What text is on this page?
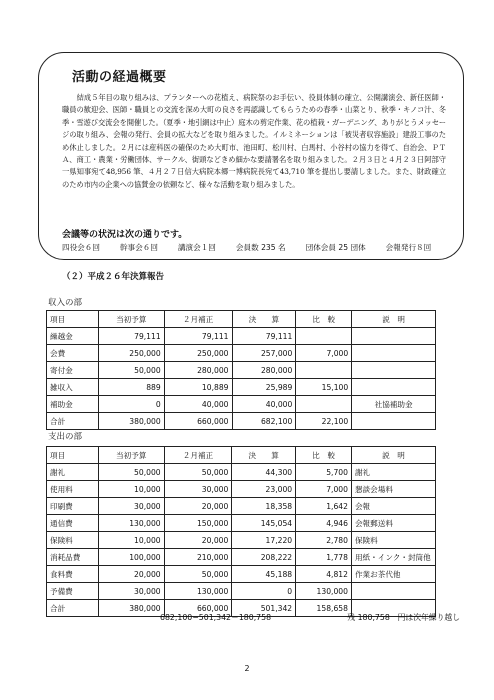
活動の経過概要

結成５年目の取り組みは、プランターへの花植え、病院祭のお手伝い、役員体制の確立、公開講演会、新任医師・職員の歓迎会、医師・職員との交流を深め大町の良さを再認識してもらうための春季・山菜とり、秋季・キノコ汁、冬季・雪遊び交流会を開催した。（夏季・地引網は中止）庭木の剪定作業、花の植栽・ガーデニング、ありがとうメッセージの取り組み、会報の発行、会員の拡大などを取り組みました。イルミネーションは「被災者収容施設」建設工事のため休止しました。２月には産科医の確保のため大町市、池田町、松川村、白馬村、小谷村の協力を得て、自治会、ＰＴＡ、商工・農業・労働団体、サークル、街頭などきめ細かな要請署名を取り組みました。２月３日と４月２３日阿部守一県知事宛て48,956 筆、４月２７日信大病院本郷一博病院長宛て43,710 筆を提出し要請しました。また、財政確立のため市内の企業への協賛金の依頼など、様々な活動を取り組みました。

会議等の状況は次の通りです。
四役会６回	幹事会６回	講演会１回	会員数 235 名	団体会員 25 団体	会報発行８回
（２）平成２６年決算報告
収入の部
項目	当初予算	２月補正	決　　算	比　較	説　明
繰越金	79,111	79,111	79,111		
会費	250,000	250,000	257,000	7,000	
寄付金	50,000	280,000	280,000		
雑収入	889	10,889	25,989	15,100	
補助金	0	40,000	40,000		社協補助金
合計	380,000	660,000	682,100	22,100	
支出の部
項目	当初予算	２月補正	決　　算	比　較	説　明
謝礼	50,000	50,000	44,300	5,700	謝礼
使用料	10,000	30,000	23,000	7,000	懇談会場料
印刷費	30,000	20,000	18,358	1,642	会報
通信費	130,000	150,000	145,054	4,946	会報郵送料
保険料	10,000	20,000	17,220	2,780	保険料
消耗品費	100,000	210,000	208,222	1,778	用紙・インク・封筒他
食料費	20,000	50,000	45,188	4,812	作業お茶代他
予備費	30,000	130,000	0	130,000	
合計	380,000	660,000	501,342	158,658	
682,100−501,342＝180,758	残 180,758　円は次年繰り越し
2
